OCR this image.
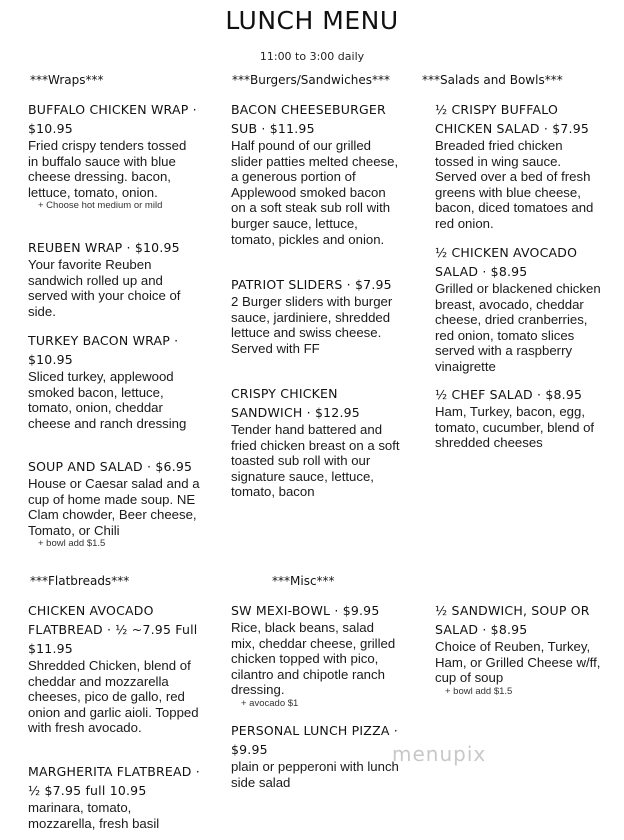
LUNCH MENU
11:00 to 3:00 daily
***Wraps***	***Burgers/Sandwiches***	***Salads and Bowls***
***Flatbreads***	***Misc***
BUFFALO CHICKEN WRAP · $10.95
Fried crispy tenders tossed in buffalo sauce with blue cheese dressing. bacon, lettuce, tomato, onion.
+ Choose hot medium or mild
REUBEN WRAP · $10.95
Your favorite Reuben sandwich rolled up and served with your choice of side.
TURKEY BACON WRAP · $10.95
Sliced turkey, applewood smoked bacon, lettuce, tomato, onion, cheddar cheese and ranch dressing
SOUP AND SALAD · $6.95
House or Caesar salad and a cup of home made soup. NE Clam chowder, Beer cheese, Tomato, or Chili
+ bowl add $1.5
BACON CHEESEBURGER SUB · $11.95
Half pound of our grilled slider patties melted cheese, a generous portion of Applewood smoked bacon on a soft steak sub roll with burger sauce, lettuce, tomato, pickles and onion.
PATRIOT SLIDERS · $7.95
2 Burger sliders with burger sauce, jardiniere, shredded lettuce and swiss cheese. Served with FF
CRISPY CHICKEN SANDWICH · $12.95
Tender hand battered and fried chicken breast on a soft toasted sub roll with our signature sauce, lettuce, tomato, bacon
½ CRISPY BUFFALO CHICKEN SALAD · $7.95
Breaded fried chicken tossed in wing sauce. Served over a bed of fresh greens with blue cheese, bacon, diced tomatoes and red onion.
½ CHICKEN AVOCADO SALAD · $8.95
Grilled or blackened chicken breast, avocado, cheddar cheese, dried cranberries, red onion, tomato slices served with a raspberry vinaigrette
½ CHEF SALAD · $8.95
Ham, Turkey, bacon, egg, tomato, cucumber, blend of shredded cheeses
CHICKEN AVOCADO FLATBREAD · ½ ~7.95 Full $11.95
Shredded Chicken, blend of cheddar and mozzarella cheeses, pico de gallo, red onion and garlic aioli. Topped with fresh avocado.
MARGHERITA FLATBREAD · ½ $7.95 full 10.95
marinara, tomato, mozzarella, fresh basil
SW MEXI-BOWL · $9.95
Rice, black beans, salad mix, cheddar cheese, grilled chicken topped with pico, cilantro and chipotle ranch dressing.
+ avocado $1
PERSONAL LUNCH PIZZA · $9.95
plain or pepperoni with lunch side salad
½ SANDWICH, SOUP OR SALAD · $8.95
Choice of Reuben, Turkey, Ham, or Grilled Cheese w/ff, cup of soup
+ bowl add $1.5
menupix
